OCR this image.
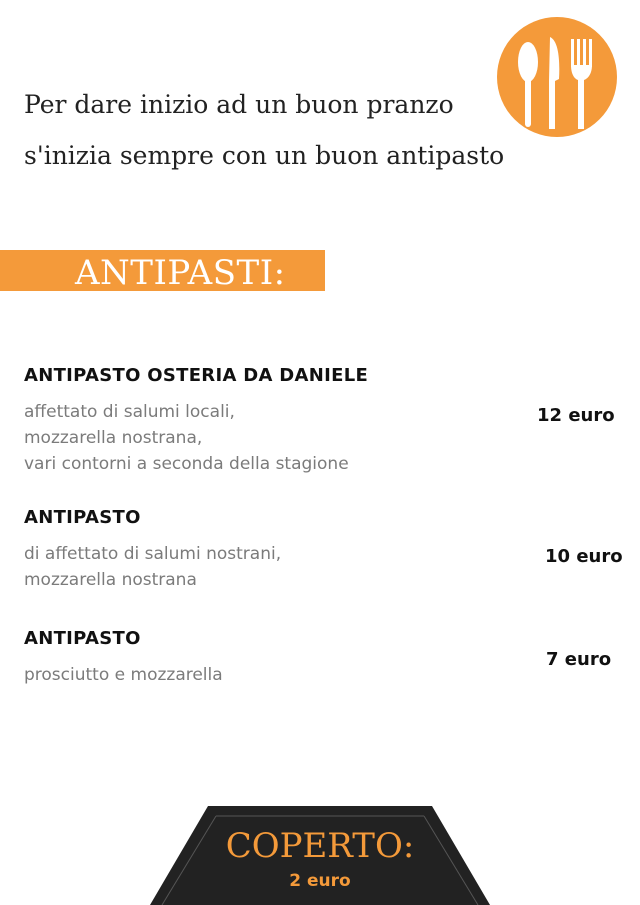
Per dare inizio ad un buon pranzo
s'inizia sempre con un buon antipasto
ANTIPASTI:
ANTIPASTO OSTERIA DA DANIELE
affettato di salumi locali,
mozzarella nostrana,
vari contorni a seconda della stagione
12 euro
ANTIPASTO
di affettato di salumi nostrani,
mozzarella nostrana
10 euro
ANTIPASTO
prosciutto e mozzarella
7 euro
COPERTO:
2 euro
